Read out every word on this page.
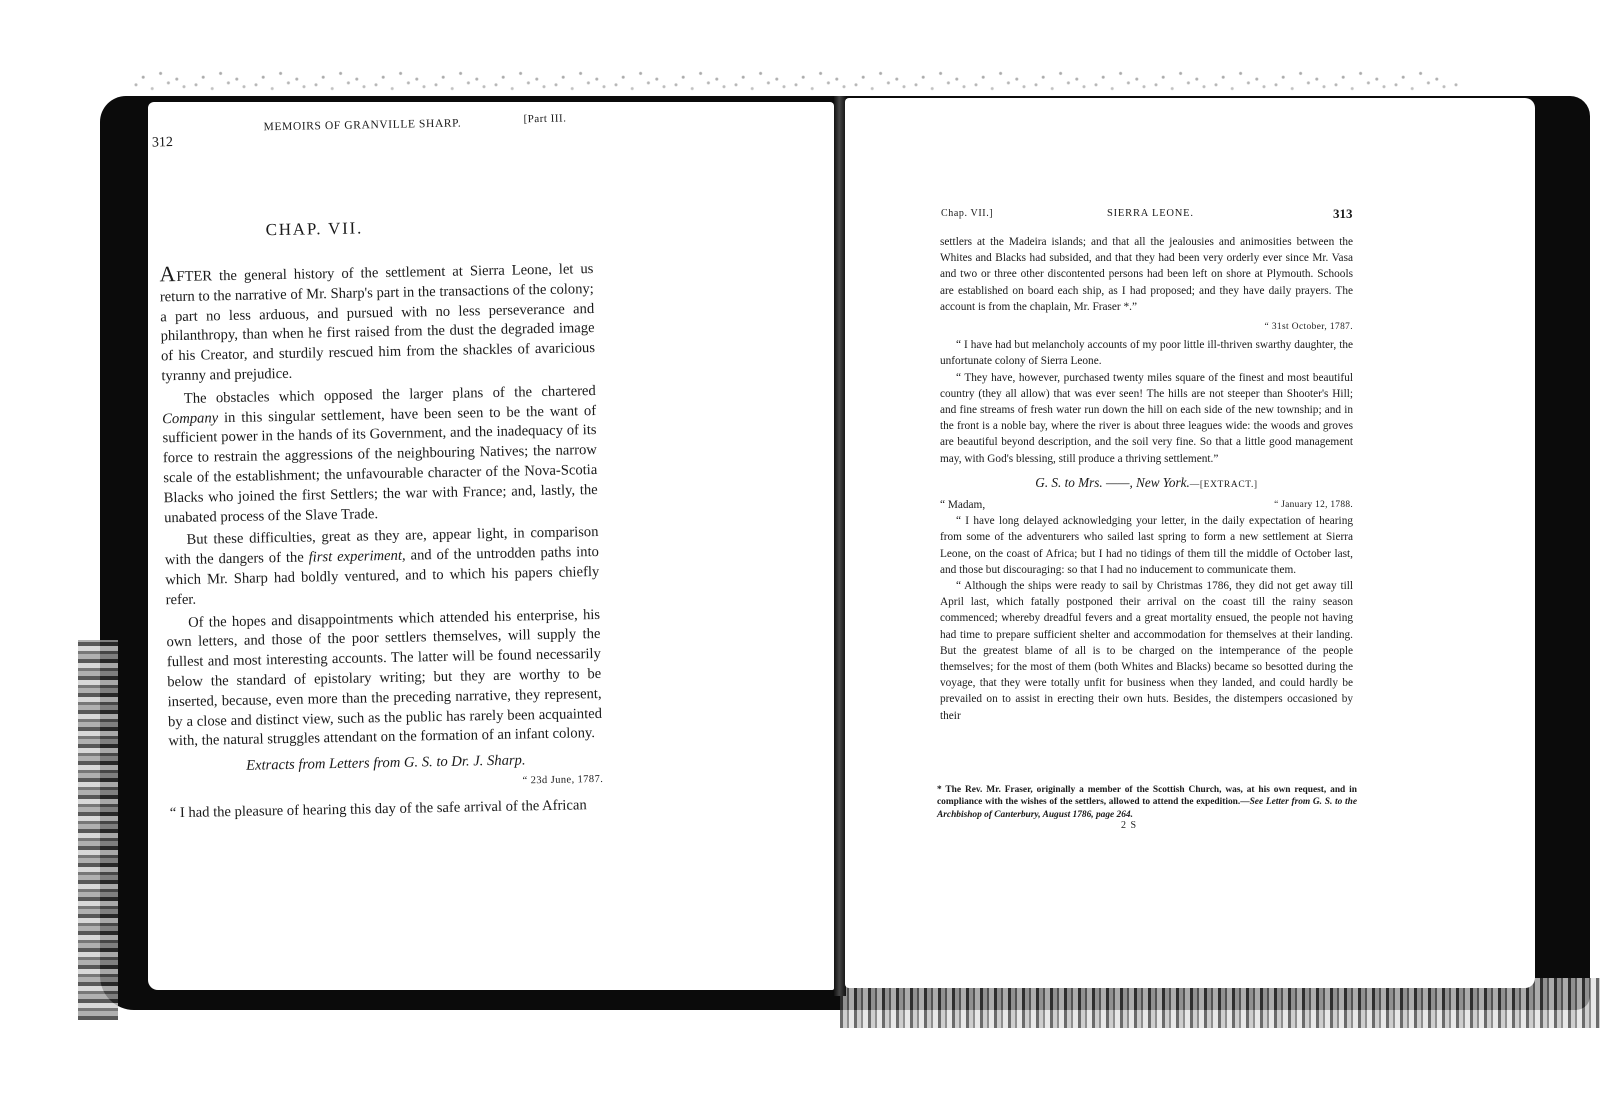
312
MEMOIRS OF GRANVILLE SHARP.	[Part III.
CHAP. VII.

AFTER the general history of the settlement at Sierra Leone, let us return to the narrative of Mr. Sharp's part in the transactions of the colony; a part no less arduous, and pursued with no less perseverance and philanthropy, than when he first raised from the dust the degraded image of his Creator, and sturdily rescued him from the shackles of avaricious tyranny and prejudice.

The obstacles which opposed the larger plans of the chartered Company in this singular settlement, have been seen to be the want of sufficient power in the hands of its Government, and the inadequacy of its force to restrain the aggressions of the neighbouring Natives; the narrow scale of the establishment; the unfavourable character of the Nova-Scotia Blacks who joined the first Settlers; the war with France; and, lastly, the unabated process of the Slave Trade.

But these difficulties, great as they are, appear light, in comparison with the dangers of the first experiment, and of the untrodden paths into which Mr. Sharp had boldly ventured, and to which his papers chiefly refer.

Of the hopes and disappointments which attended his enterprise, his own letters, and those of the poor settlers themselves, will supply the fullest and most interesting accounts. The latter will be found necessarily below the standard of epistolary writing; but they are worthy to be inserted, because, even more than the preceding narrative, they represent, by a close and distinct view, such as the public has rarely been acquainted with, the natural struggles attendant on the formation of an infant colony.

Extracts from Letters from G. S. to Dr. J. Sharp.

“ 23d June, 1787.

“ I had the pleasure of hearing this day of the safe arrival of the African

Chap. VII.]	SIERRA LEONE.	313

settlers at the Madeira islands; and that all the jealousies and animosities between the Whites and Blacks had subsided, and that they had been very orderly ever since Mr. Vasa and two or three other discontented persons had been left on shore at Plymouth. Schools are established on board each ship, as I had proposed; and they have daily prayers. The account is from the chaplain, Mr. Fraser *.”

“ 31st October, 1787.

“ I have had but melancholy accounts of my poor little ill-thriven swarthy daughter, the unfortunate colony of Sierra Leone.

“ They have, however, purchased twenty miles square of the finest and most beautiful country (they all allow) that was ever seen! The hills are not steeper than Shooter's Hill; and fine streams of fresh water run down the hill on each side of the new township; and in the front is a noble bay, where the river is about three leagues wide: the woods and groves are beautiful beyond description, and the soil very fine. So that a little good management may, with God's blessing, still produce a thriving settlement.”

G. S. to Mrs. ——, New York.—[EXTRACT.]

“ Madam,	“ January 12, 1788.

“ I have long delayed acknowledging your letter, in the daily expectation of hearing from some of the adventurers who sailed last spring to form a new settlement at Sierra Leone, on the coast of Africa; but I had no tidings of them till the middle of October last, and those but discouraging: so that I had no inducement to communicate them.

“ Although the ships were ready to sail by Christmas 1786, they did not get away till April last, which fatally postponed their arrival on the coast till the rainy season commenced; whereby dreadful fevers and a great mortality ensued, the people not having had time to prepare sufficient shelter and accommodation for themselves at their landing. But the greatest blame of all is to be charged on the intemperance of the people themselves; for the most of them (both Whites and Blacks) became so besotted during the voyage, that they were totally unfit for business when they landed, and could hardly be prevailed on to assist in erecting their own huts. Besides, the distempers occasioned by their

* The Rev. Mr. Fraser, originally a member of the Scottish Church, was, at his own request, and in compliance with the wishes of the settlers, allowed to attend the expedition.—See Letter from G. S. to the Archbishop of Canterbury, August 1786, page 264.
2 S
